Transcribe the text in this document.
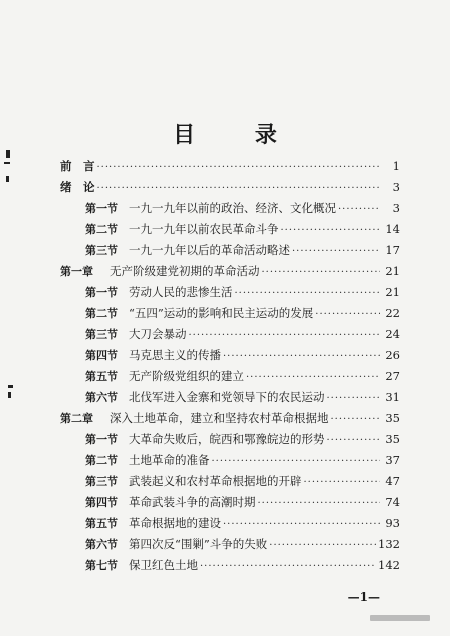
目 录
前　言 ·····	1
绪　论 ·····	3
第一节 一九一九年以前的政治、经济、文化概况 ·····	3
第二节 一九一九年以前农民革命斗争 ·····	14
第三节 一九一九年以后的革命活动略述 ·····	17
第一章	无产阶级建党初期的革命活动 ·····	21
第一节 劳动人民的悲惨生活 ·····	21
第二节 “五四”运动的影响和民主运动的发展 ·····	22
第三节 大刀会暴动 ·····	24
第四节 马克思主义的传播 ·····	26
第五节 无产阶级党组织的建立 ·····	27
第六节 北伐军进入金寨和党领导下的农民运动 ·····	31
第二章	深入土地革命，建立和坚持农村革命根据地 ·····	35
第一节 大革命失败后，皖西和鄂豫皖边的形势 ·····	35
第二节 土地革命的准备 ·····	37
第三节 武装起义和农村革命根据地的开辟 ·····	47
第四节 革命武装斗争的高潮时期 ·····	74
第五节 革命根据地的建设 ·····	93
第六节 第四次反“围剿”斗争的失败 ·····	132
第七节 保卫红色土地 ·····	142
—1—
